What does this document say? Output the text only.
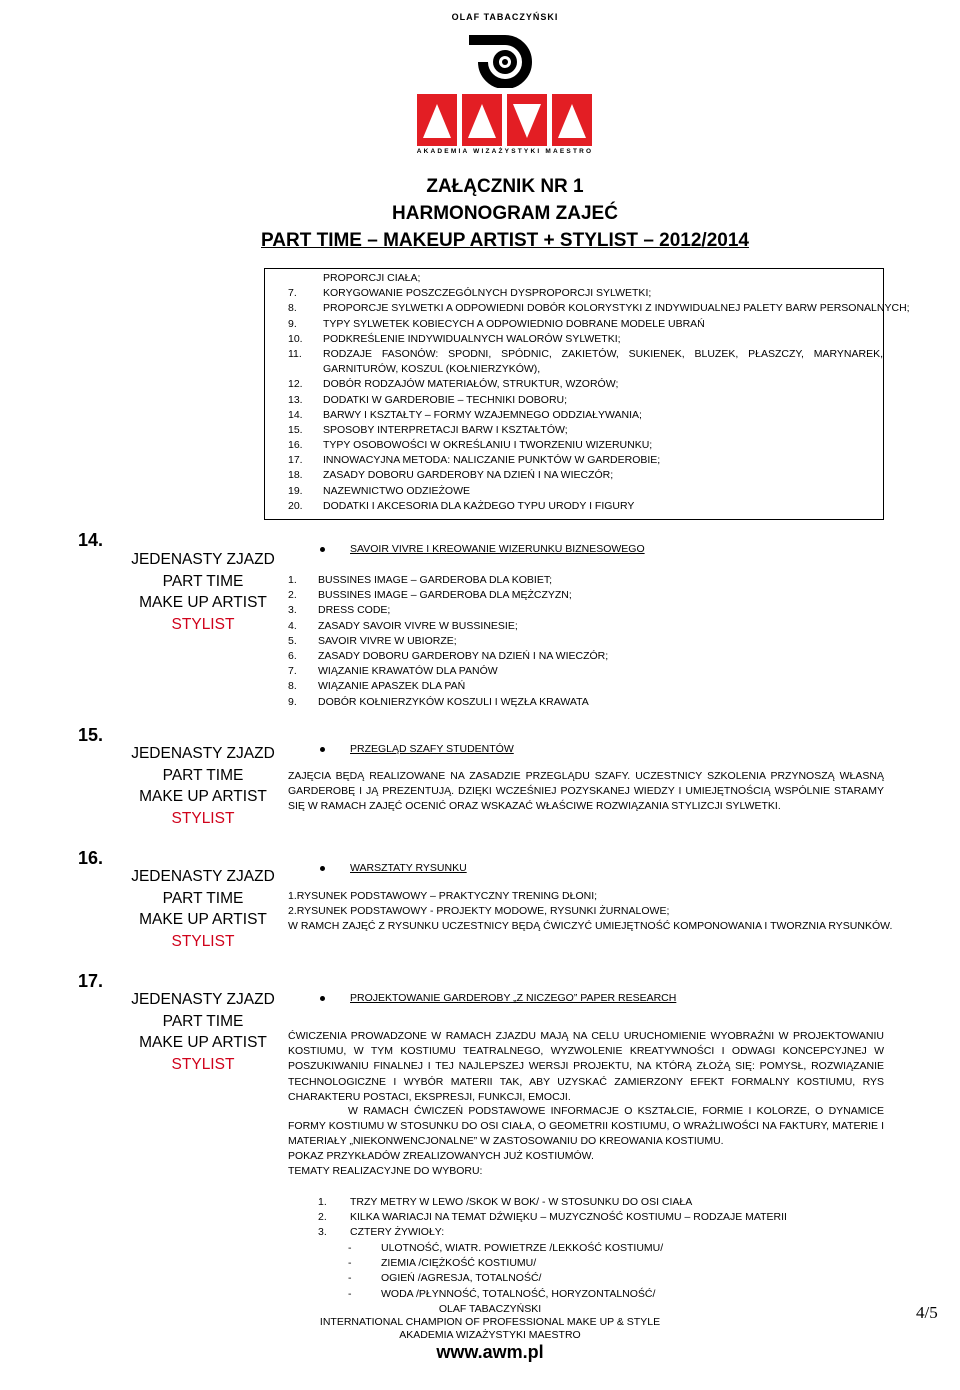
OLAF TABACZYŃSKI
AKADEMIA WIZAŻYSTYKI MAESTRO
ZAŁĄCZNIK NR 1
HARMONOGRAM ZAJEĆ
PART TIME – MAKEUP ARTIST + STYLIST – 2012/2014
PROPORCJI CIAŁA;
7. KORYGOWANIE POSZCZEGÓLNYCH DYSPROPORCJI SYLWETKI;
8. PROPORCJE SYLWETKI A ODPOWIEDNI DOBÓR KOLORYSTYKI Z INDYWIDUALNEJ PALETY BARW PERSONALNYCH;
9. TYPY SYLWETEK KOBIECYCH A ODPOWIEDNIO DOBRANE MODELE UBRAŃ
10. PODKREŚLENIE INDYWIDUALNYCH WALORÓW SYLWETKI;
11. RODZAJE FASONÓW: SPODNI, SPÓDNIC, ZAKIETÓW, SUKIENEK, BLUZEK, PŁASZCZY, MARYNAREK,
GARNITURÓW, KOSZUL (KOŁNIERZYKÓW),
12. DOBÓR RODZAJÓW MATERIAŁÓW, STRUKTUR, WZORÓW;
13. DODATKI W GARDEROBIE – TECHNIKI DOBORU;
14. BARWY I KSZTAŁTY – FORMY WZAJEMNEGO ODDZIAŁYWANIA;
15. SPOSOBY INTERPRETACJI BARW I KSZTAŁTÓW;
16. TYPY OSOBOWOŚCI W OKREŚLANIU I TWORZENIU WIZERUNKU;
17. INNOWACYJNA METODA: NALICZANIE PUNKTÓW W GARDEROBIE;
18. ZASADY DOBORU GARDEROBY NA DZIEŃ I NA WIECZÓR;
19. NAZEWNICTWO ODZIEŻOWE
20. DODATKI I AKCESORIA DLA KAŻDEGO TYPU URODY I FIGURY
14.
JEDENASTY ZJAZD
PART TIME
MAKE UP ARTIST
STYLIST
SAVOIR VIVRE I KREOWANIE WIZERUNKU BIZNESOWEGO
1. BUSSINES IMAGE – GARDEROBA DLA KOBIET;
2. BUSSINES IMAGE – GARDEROBA DLA MĘŻCZYZN;
3. DRESS CODE;
4. ZASADY SAVOIR VIVRE W BUSSINESIE;
5. SAVOIR VIVRE W UBIORZE;
6. ZASADY DOBORU GARDEROBY NA DZIEŃ I NA WIECZÓR;
7. WIĄZANIE KRAWATÓW DLA PANÓW
8. WIĄZANIE APASZEK DLA PAŃ
9. DOBÓR KOŁNIERZYKÓW KOSZULI I WĘZŁA KRAWATA
15.
JEDENASTY ZJAZD
PART TIME
MAKE UP ARTIST
STYLIST
PRZEGLĄD SZAFY STUDENTÓW
ZAJĘCIA BĘDĄ REALIZOWANE NA ZASADZIE PRZEGLĄDU SZAFY. UCZESTNICY SZKOLENIA PRZYNOSZĄ WŁASNĄ GARDEROBĘ I JĄ PREZENTUJĄ. DZIĘKI WCZEŚNIEJ POZYSKANEJ WIEDZY I UMIEJĘTNOŚCIĄ WSPÓLNIE STARAMY SIĘ W RAMACH ZAJĘĆ OCENIĆ ORAZ WSKAZAĆ WŁAŚCIWE ROZWIĄZANIA STYLIZCJI SYLWETKI.
16.
JEDENASTY ZJAZD
PART TIME
MAKE UP ARTIST
STYLIST
WARSZTATY RYSUNKU
1.RYSUNEK PODSTAWOWY – PRAKTYCZNY TRENING DŁONI;
2.RYSUNEK PODSTAWOWY - PROJEKTY MODOWE, RYSUNKI ŻURNALOWE;
W RAMCH ZAJĘĆ Z RYSUNKU UCZESTNICY BĘDĄ ĆWICZYĆ UMIEJĘTNOŚĆ KOMPONOWANIA I TWORZNIA RYSUNKÓW.
17.
JEDENASTY ZJAZD
PART TIME
MAKE UP ARTIST
STYLIST
PROJEKTOWANIE GARDEROBY „Z NICZEGO” PAPER RESEARCH
ĆWICZENIA PROWADZONE W RAMACH ZJAZDU MAJĄ NA CELU URUCHOMIENIE WYOBRAŹNI W PROJEKTOWANIU KOSTIUMU, W TYM KOSTIUMU TEATRALNEGO, WYZWOLENIE KREATYWNOŚCI I ODWAGI KONCEPCYJNEJ W POSZUKIWANIU FINALNEJ I TEJ NAJLEPSZEJ WERSJI PROJEKTU, NA KTÓRĄ ZŁOŻĄ SIĘ: POMYSŁ, ROZWIĄZANIE TECHNOLOGICZNE I WYBÓR MATERII TAK, ABY UZYSKAĆ ZAMIERZONY EFEKT FORMALNY KOSTIUMU, RYS CHARAKTERU POSTACI, EKSPRESJI, FUNKCJI, EMOCJI.
W RAMACH ĆWICZEŃ PODSTAWOWE INFORMACJE O KSZTAŁCIE, FORMIE I KOLORZE, O DYNAMICE FORMY KOSTIUMU W STOSUNKU DO OSI CIAŁA, O GEOMETRII KOSTIUMU, O WRAŻLIWOŚCI NA FAKTURY, MATERIE I MATERIAŁY „NIEKONWENCJONALNE” W ZASTOSOWANIU DO KREOWANIA KOSTIUMU.
POKAZ PRZYKŁADÓW ZREALIZOWANYCH JUŻ KOSTIUMÓW.
TEMATY REALIZACYJNE DO WYBORU:
1. TRZY METRY W LEWO /SKOK W BOK/ - W STOSUNKU DO OSI CIAŁA
2. KILKA WARIACJI NA TEMAT DŹWIĘKU – MUZYCZNOŚĆ KOSTIUMU – RODZAJE MATERII
3. CZTERY ŻYWIOŁY:
-	ULOTNOŚĆ, WIATR. POWIETRZE /LEKKOŚĆ KOSTIUMU/
-	ZIEMIA /CIĘŻKOŚĆ KOSTIUMU/
-	OGIEŃ /AGRESJA, TOTALNOŚĆ/
-	WODA /PŁYNNOŚĆ, TOTALNOŚĆ, HORYZONTALNOŚĆ/
OLAF TABACZYŃSKI
INTERNATIONAL CHAMPION OF PROFESSIONAL MAKE UP & STYLE
AKADEMIA WIZAŻYSTYKI MAESTRO
www.awm.pl
4/5
